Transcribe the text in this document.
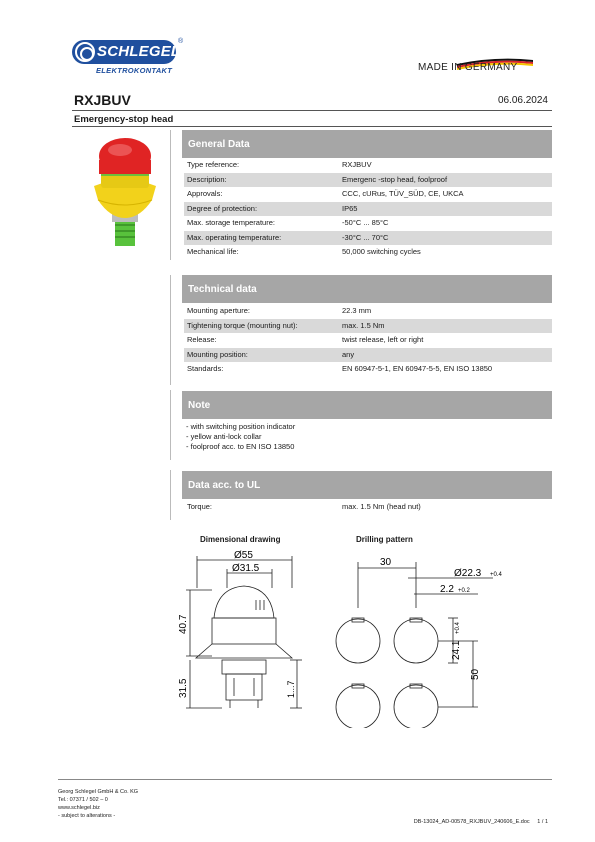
SCHLEGEL
®
ELEKTROKONTAKT	MADE IN GERMANY
RXJBUV	06.06.2024
Emergency-stop head
General Data
Type reference:	RXJBUV
Description:	Emergenc -stop head, foolproof
Approvals:	CCC, cURus, TÜV_SÜD, CE, UKCA
Degree of protection:	IP65
Max. storage temperature:	-50°C ... 85°C
Max. operating temperature:	-30°C ... 70°C
Mechanical life:	50,000 switching cycles
Technical data
Mounting aperture:	22.3 mm
Tightening torque (mounting nut):	max. 1.5 Nm
Release:	twist release, left or right
Mounting position:	any
Standards:	EN 60947-5-1, EN 60947-5-5, EN ISO 13850
Note
- with switching position indicator
- yellow anti-lock collar
- foolproof acc. to EN ISO 13850
Data acc. to UL
Torque:	max. 1.5 Nm (head nut)
Dimensional drawing	Drilling pattern
Ø55
Ø31.5
40.7
31.5	1...7
30
Ø22.3 +0.4
2.2 +0.2
24.1
+0.4
50
Georg Schlegel GmbH & Co. KG
Tel.: 07371 / 502 – 0
www.schlegel.biz
- subject to alterations -
DB-13024_AD-00578_RXJBUV_240606_E.doc 1 / 1
